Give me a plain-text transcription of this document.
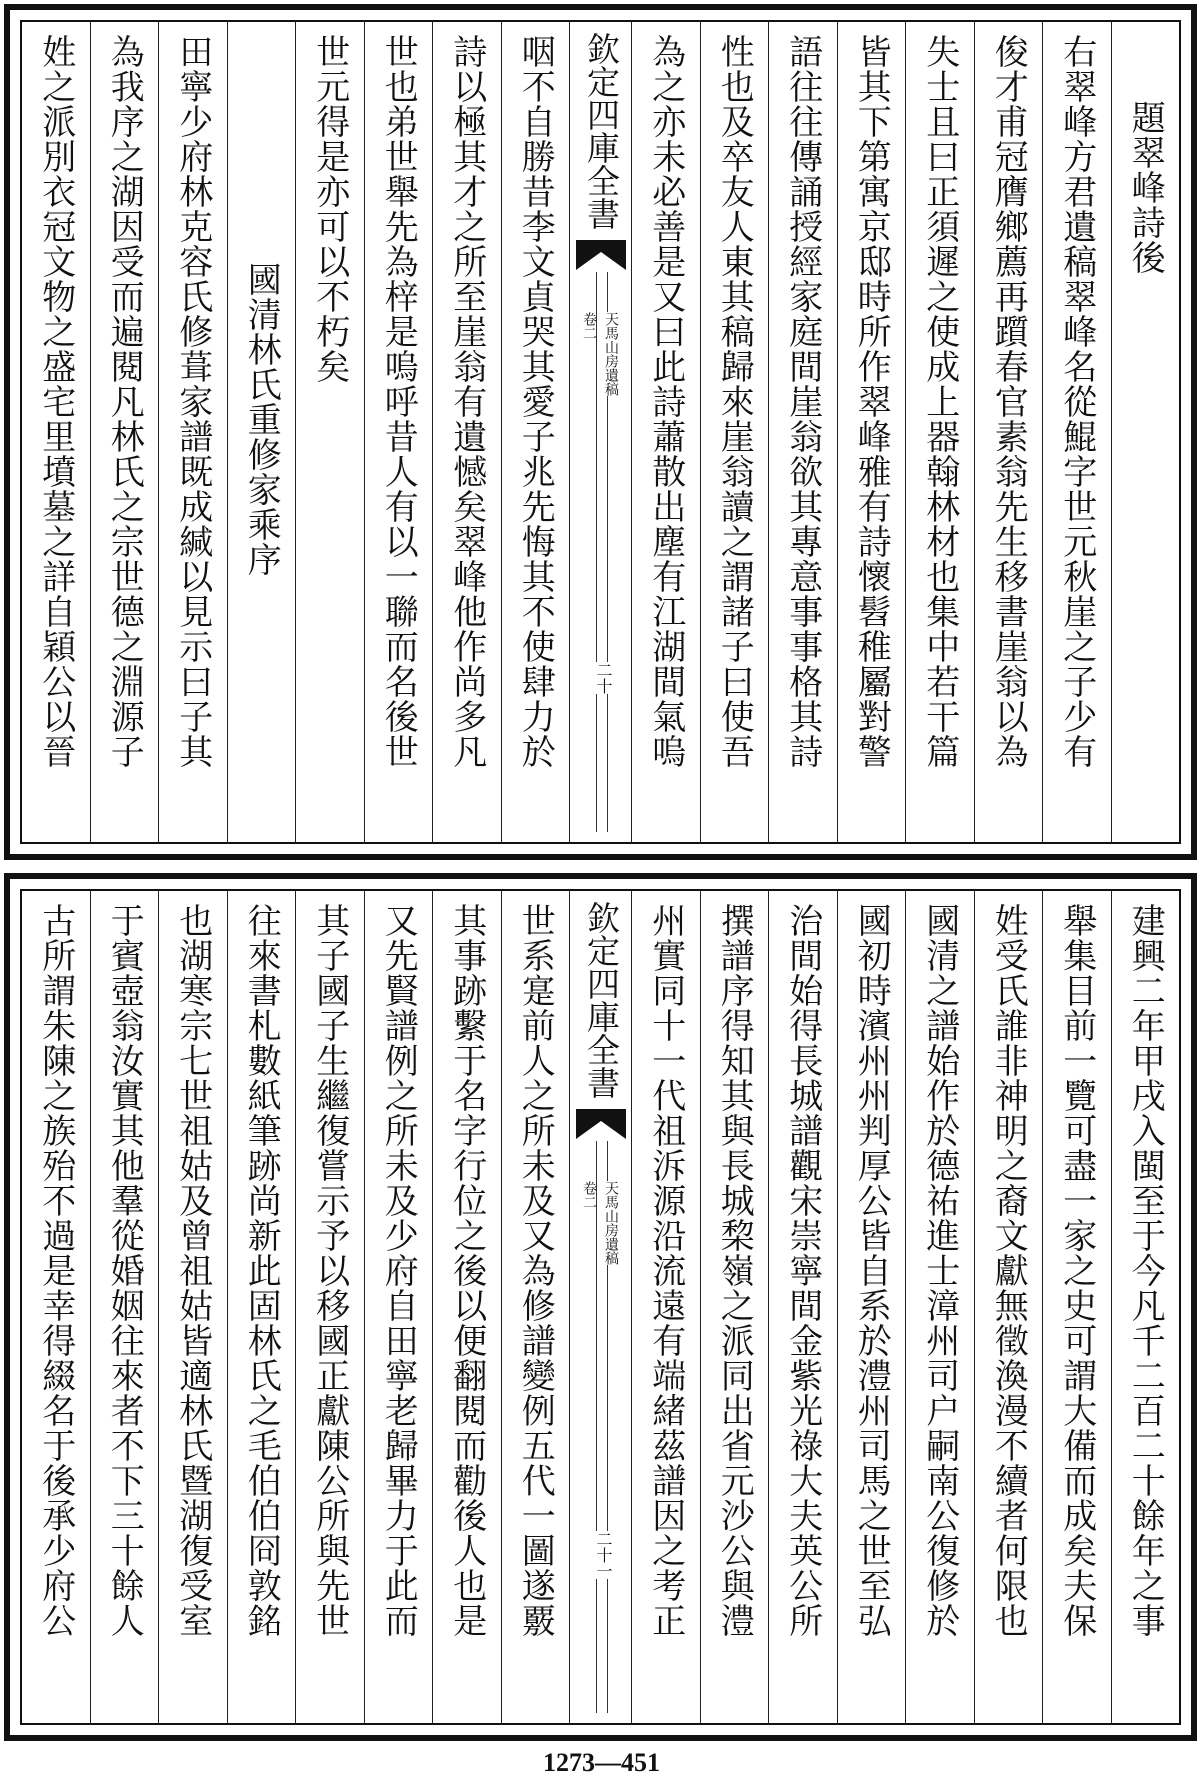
題翠峰詩後
右翠峰方君遺稿翠峰名從鯤字世元秋崖之子少有
俊才甫冠膺鄉薦再躓春官素翁先生移書崖翁以為
失士且曰正須遲之使成上器翰林材也集中若干篇
皆其下第寓京邸時所作翠峰雅有詩懷髫稚屬對警
語往往傳誦授經家庭間崖翁欲其專意事事格其詩
性也及卒友人東其稿歸來崖翁讀之謂諸子曰使吾
為之亦未必善是又曰此詩蕭散出塵有江湖間氣嗚
欽定四庫全書
天馬山房遺稿
卷二
二十
咽不自勝昔李文貞哭其愛子兆先悔其不使肆力於
詩以極其才之所至崖翁有遺憾矣翠峰他作尚多凡
世也弟世舉先為梓是嗚呼昔人有以一聯而名後世
世元得是亦可以不朽矣
國清林氏重修家乘序
田寧少府林克容氏修葺家譜既成緘以見示曰子其
為我序之湖因受而遍閱凡林氏之宗世德之淵源子
姓之派別衣冠文物之盛宅里墳墓之詳自穎公以晉
建興二年甲戌入閩至于今凡千二百二十餘年之事
舉集目前一覽可盡一家之史可謂大備而成矣夫保
姓受氏誰非神明之裔文獻無徵渙漫不續者何限也
國清之譜始作於德祐進士漳州司户嗣南公復修於
國初時濱州州判厚公皆自系於澧州司馬之世至弘
治間始得長城譜觀宋崇寧間金紫光祿大夫英公所
撰譜序得知其與長城棃嶺之派同出省元沙公與澧
州實同十一代祖泝源沿流遠有端緒茲譜因之考正
欽定四庫全書
天馬山房遺稿
卷二
二十一
世系寔前人之所未及又為修譜變例五代一圖遂覈
其事跡繫于名字行位之後以便翻閱而勸後人也是
又先賢譜例之所未及少府自田寧老歸畢力于此而
其子國子生繼復嘗示予以移國正獻陳公所與先世
往來書札數紙筆跡尚新此固林氏之毛伯伯冏敦銘
也湖寒宗七世祖姑及曾祖姑皆適林氏暨湖復受室
于賓壺翁汝實其他羣從婚姻往來者不下三十餘人
古所謂朱陳之族殆不過是幸得綴名于後承少府公
1273—451
